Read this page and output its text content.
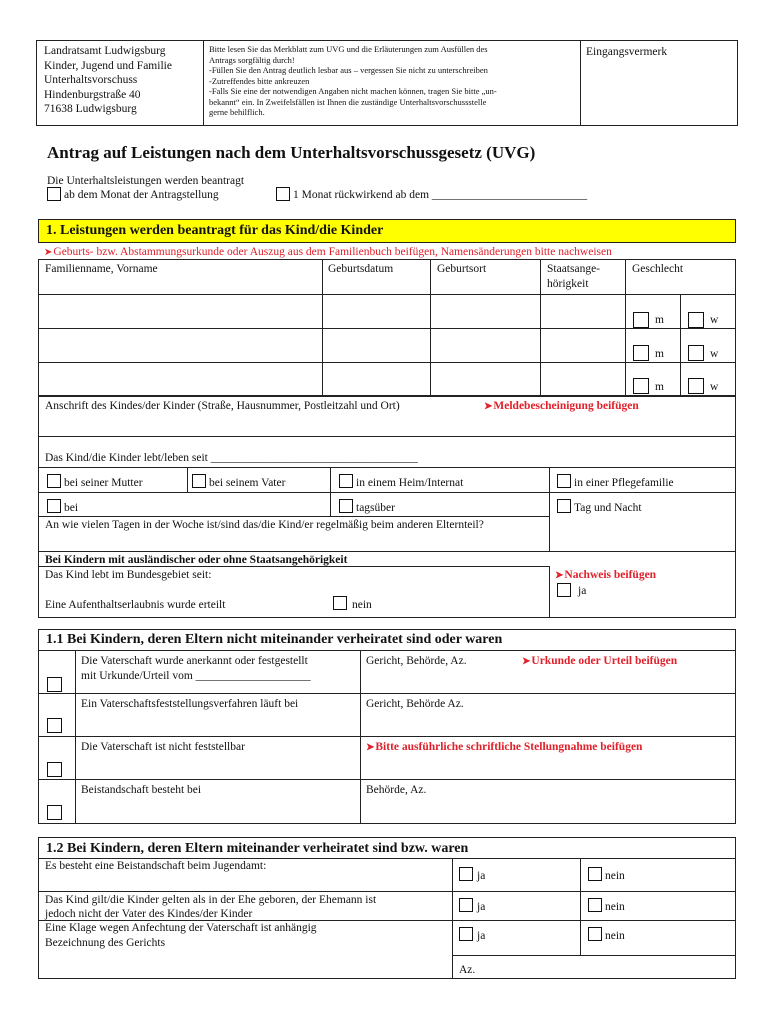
Landratsamt Ludwigsburg
Kinder, Jugend und Familie
Unterhaltsvorschuss
Hindenburgstraße 40
71638 Ludwigsburg
Bitte lesen Sie das Merkblatt zum UVG und die Erläuterungen zum Ausfüllen des
Antrags sorgfältig durch!
-Füllen Sie den Antrag deutlich lesbar aus – vergessen Sie nicht zu unterschreiben
-Zutreffendes bitte ankreuzen
-Falls Sie eine der notwendigen Angaben nicht machen können, tragen Sie bitte „un-
bekannt“ ein. In Zweifelsfällen ist Ihnen die zuständige Unterhaltsvorschussstelle
gerne behilflich.
Eingangsvermerk
Antrag auf Leistungen nach dem Unterhaltsvorschussgesetz (UVG)
Die Unterhaltsleistungen werden beantragt
ab dem Monat der Antragstellung	1 Monat rückwirkend ab dem ___________________________
1. Leistungen werden beantragt für das Kind/die Kinder
➤ Geburts- bzw. Abstammungsurkunde oder Auszug aus dem Familienbuch beifügen, Namensänderungen bitte nachweisen
Familienname, Vorname	Geburtsdatum	Geburtsort	Staatsange-
hörigkeit
Geschlecht
m	w
m	w
m	w
Anschrift des Kindes/der Kinder (Straße, Hausnummer, Postleitzahl und Ort)	➤ Meldebescheinigung beifügen
Das Kind/die Kinder lebt/leben seit ____________________________________
bei seiner Mutter	bei seinem Vater	in einem Heim/Internat	in einer Pflegefamilie
bei	tagsüber	Tag und Nacht
An wie vielen Tagen in der Woche ist/sind das/die Kind/er regelmäßig beim anderen Elternteil?
Bei Kindern mit ausländischer oder ohne Staatsangehörigkeit
Das Kind lebt im Bundesgebiet seit:	➤ Nachweis beifügen
ja
Eine Aufenthaltserlaubnis wurde erteilt	nein
1.1 Bei Kindern, deren Eltern nicht miteinander verheiratet sind oder waren
Die Vaterschaft wurde anerkannt oder festgestellt
mit Urkunde/Urteil vom ____________________
Gericht, Behörde, Az.	➤ Urkunde oder Urteil beifügen
Ein Vaterschaftsfeststellungsverfahren läuft bei	Gericht, Behörde Az.
Die Vaterschaft ist nicht feststellbar	➤ Bitte ausführliche schriftliche Stellungnahme beifügen
Beistandschaft besteht bei	Behörde, Az.
1.2 Bei Kindern, deren Eltern miteinander verheiratet sind bzw. waren
Es besteht eine Beistandschaft beim Jugendamt:
ja	nein
Das Kind gilt/die Kinder gelten als in der Ehe geboren, der Ehemann ist
jedoch nicht der Vater des Kindes/der Kinder
ja	nein
Eine Klage wegen Anfechtung der Vaterschaft ist anhängig
Bezeichnung des Gerichts
ja	nein
Az.
